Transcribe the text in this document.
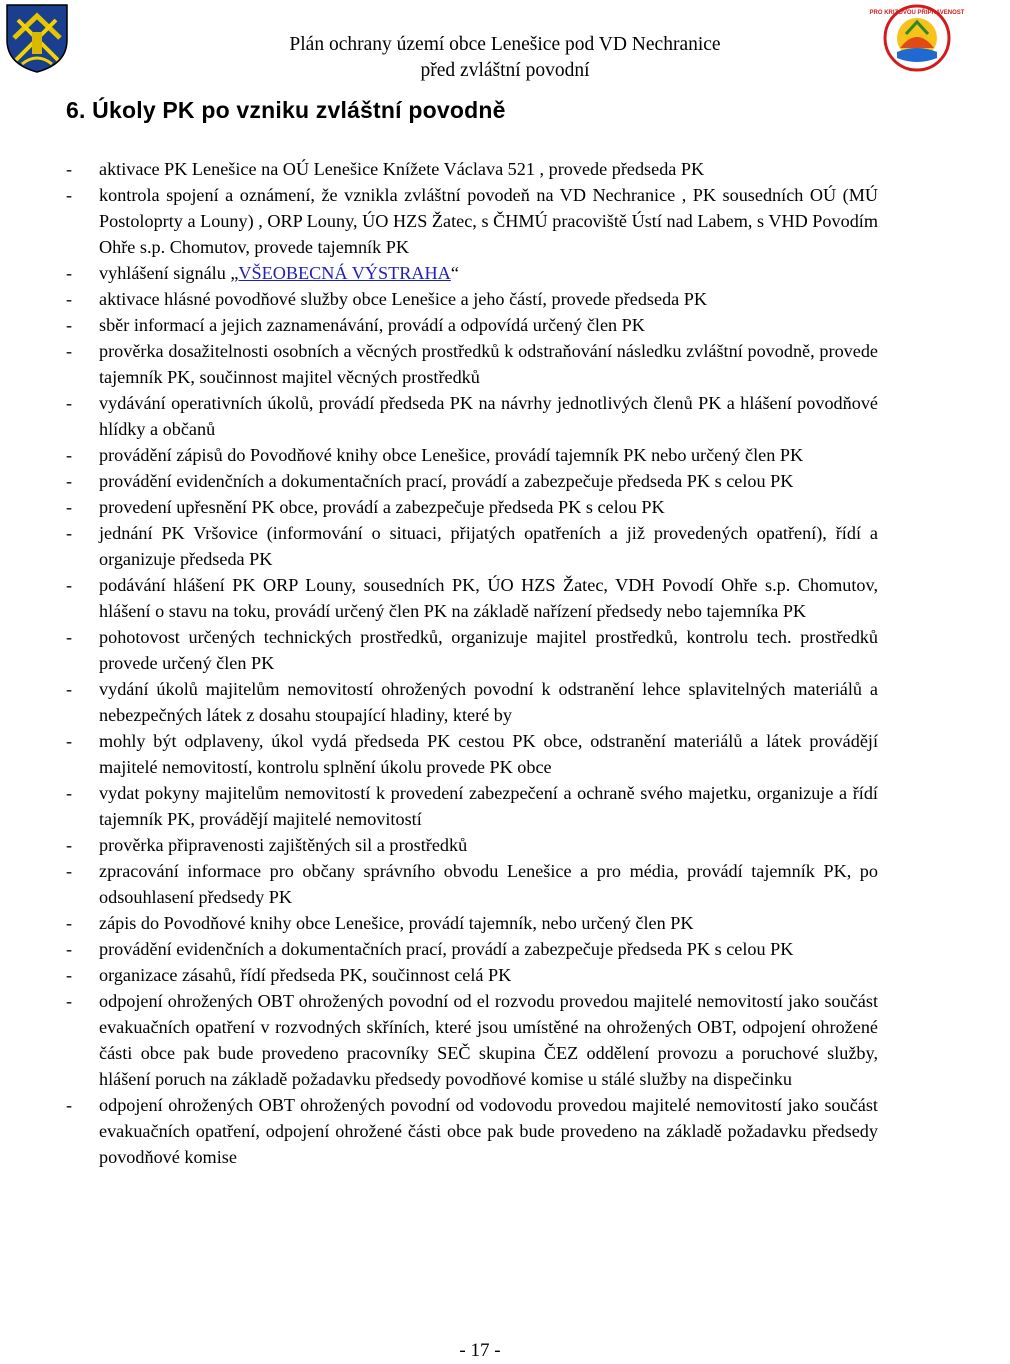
Plán ochrany území obce Lenešice pod VD Nechranice
před zvláštní povodní
PRO KRIZOVOU PŘIPRAVENOST
6. Úkoly PK po vzniku zvláštní povodně
- aktivace PK Lenešice na OÚ Lenešice Knížete Václava 521 , provede předseda PK
- kontrola spojení a oznámení, že vznikla zvláštní povodeň na VD Nechranice , PK sousedních OÚ (MÚ Postoloprty a Louny) , ORP Louny, ÚO HZS Žatec, s ČHMÚ pracoviště Ústí nad Labem, s VHD Povodím Ohře s.p. Chomutov, provede tajemník PK
- vyhlášení signálu „VŠEOBECNÁ VÝSTRAHA“
- aktivace hlásné povodňové služby obce Lenešice a jeho částí, provede předseda PK
- sběr informací a jejich zaznamenávání, provádí a odpovídá určený člen PK
- prověrka dosažitelnosti osobních a věcných prostředků k odstraňování následku zvláštní povodně, provede tajemník PK, součinnost majitel věcných prostředků
- vydávání operativních úkolů, provádí předseda PK na návrhy jednotlivých členů PK a hlášení povodňové hlídky a občanů
- provádění zápisů do Povodňové knihy obce Lenešice, provádí tajemník PK nebo určený člen PK
- provádění evidenčních a dokumentačních prací, provádí a zabezpečuje předseda PK s celou PK
- provedení upřesnění PK obce, provádí a zabezpečuje předseda PK s celou PK
- jednání PK Vršovice (informování o situaci, přijatých opatřeních a již provedených opatření), řídí a organizuje předseda PK
- podávání hlášení PK ORP Louny, sousedních PK, ÚO HZS Žatec, VDH Povodí Ohře s.p. Chomutov, hlášení o stavu na toku, provádí určený člen PK na základě nařízení předsedy nebo tajemníka PK
- pohotovost určených technických prostředků, organizuje majitel prostředků, kontrolu tech. prostředků provede určený člen PK
- vydání úkolů majitelům nemovitostí ohrožených povodní k odstranění lehce splavitelných materiálů a nebezpečných látek z dosahu stoupající hladiny, které by
- mohly být odplaveny, úkol vydá předseda PK cestou PK obce, odstranění materiálů a látek provádějí majitelé nemovitostí, kontrolu splnění úkolu provede PK obce
- vydat pokyny majitelům nemovitostí k provedení zabezpečení a ochraně svého majetku, organizuje a řídí tajemník PK, provádějí majitelé nemovitostí
- prověrka připravenosti zajištěných sil a prostředků
- zpracování informace pro občany správního obvodu Lenešice a pro média, provádí tajemník PK, po odsouhlasení předsedy PK
- zápis do Povodňové knihy obce Lenešice, provádí tajemník, nebo určený člen PK
- provádění evidenčních a dokumentačních prací, provádí a zabezpečuje předseda PK s celou PK
- organizace zásahů, řídí předseda PK, součinnost celá PK
- odpojení ohrožených OBT ohrožených povodní od el rozvodu provedou majitelé nemovitostí jako součást evakuačních opatření v rozvodných skříních, které jsou umístěné na ohrožených OBT, odpojení ohrožené části obce pak bude provedeno pracovníky SEČ skupina ČEZ oddělení provozu a poruchové služby, hlášení poruch na základě požadavku předsedy povodňové komise u stálé služby na dispečinku
- odpojení ohrožených OBT ohrožených povodní od vodovodu provedou majitelé nemovitostí jako součást evakuačních opatření, odpojení ohrožené části obce pak bude provedeno na základě požadavku předsedy povodňové komise
- 17 -
